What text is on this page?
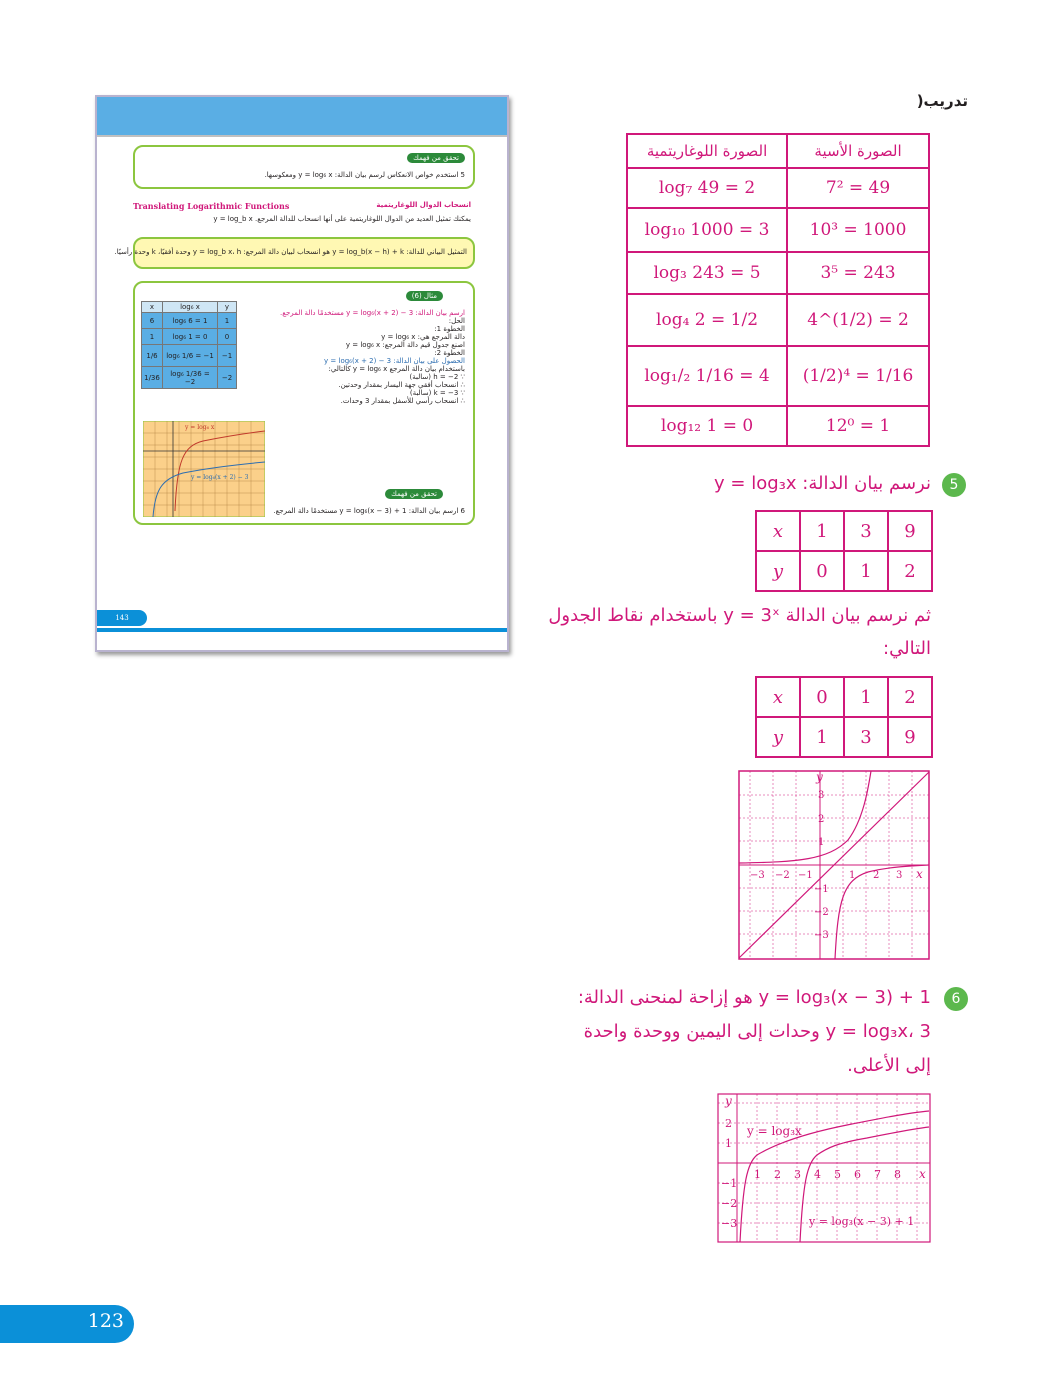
تدريب(
الصورة اللوغاريتمية	الصورة الأسية
log₇ 49 = 2	7² = 49
log₁₀ 1000 = 3	10³ = 1000
log₃ 243 = 5	3⁵ = 243
log₄ 2 = 1/2	4^(1/2) = 2
log₁/₂ 1/16 = 4	(1/2)⁴ = 1/16
log₁₂ 1 = 0	12⁰ = 1
5
نرسم بيان الدالة: y = log₃x
x	1	3	9
y	0	1	2
ثم نرسم بيان الدالة y = 3ˣ باستخدام نقاط الجدول
التالي:
x	0	1	2
y	1	3	9
x
y
−3 −2 −1	1 2 3
3
2
1
−1
−2
−3
6
y = log₃(x − 3) + 1 هو إزاحة لمنحنى الدالة:
y = log₃x، 3 وحدات إلى اليمين ووحدة واحدة
إلى الأعلى.
x
y
y = log₃x
y = log₃(x − 3) + 1
1 2 3 4 5 6 7 8
2
1
−1
−2
−3
تحقق من فهمك
5 استخدم خواص الانعكاس لرسم بيان الدالة: y = log₆ x ومعكوسها.
Translating Logarithmic Functions	انسحاب الدوال اللوغاريتمية
يمكنك تمثيل العديد من الدوال اللوغاريتمية على أنها انسحاب للدالة المرجع. y = log_b x
التمثيل البياني للدالة: y = log_b(x − h) + k هو انسحاب لبيان دالة المرجع: y = log_b x، h وحدة أفقيًا، k وحدة رأسيًا.
مثال (6)
x	log₆ x	y
6	log₆ 6 = 1	1
1	log₆ 1 = 0	0
1/6	log₆ 1/6 = −1	−1
1/36	log₆ 1/36 = −2	−2
y = log₆ x
y = log₆(x + 2) − 3
ارسم بيان الدالة: y = log₆(x + 2) − 3 مستخدمًا دالة المرجع.
الحل:
الخطوة 1:
دالة المرجع هي: y = log₆ x
اصنع جدول قيم دالة المرجع: y = log₆ x
الخطوة 2:
الحصول على بيان الدالة: y = log₆(x + 2) − 3
باستخدام بيان دالة المرجع y = log₆ x كالتالي:
∵ h = −2 (سالبة)
∴ انسحاب أفقي جهة اليسار بمقدار وحدتين.
∵ k = −3 (سالبة)
∴ انسحاب رأسي للأسفل بمقدار 3 وحدات.
تحقق من فهمك
6 ارسم بيان الدالة: y = log₆(x − 3) + 1 مستخدمًا دالة المرجع.
143
123
